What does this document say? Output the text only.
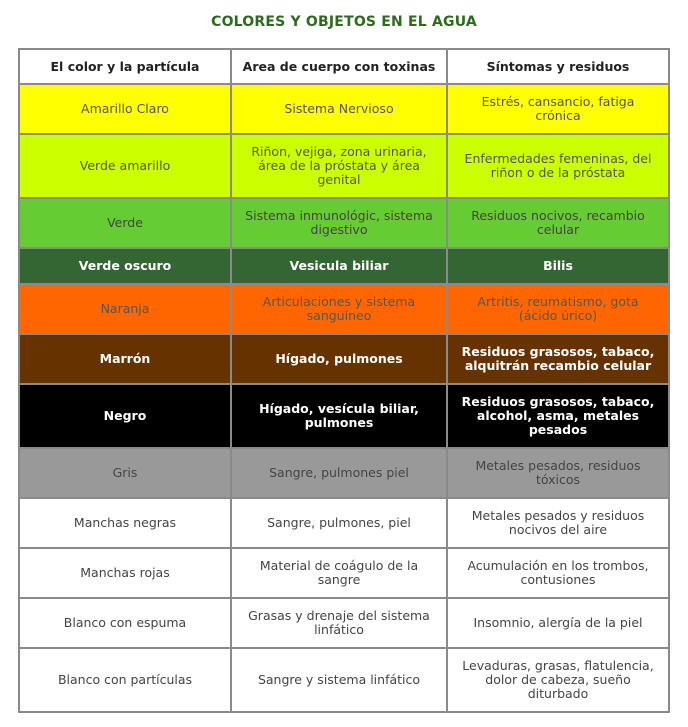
COLORES Y OBJETOS EN EL AGUA
El color y la partícula	Area de cuerpo con toxinas	Síntomas y residuos
Amarillo Claro	Sistema Nervioso	Estrés, cansancio, fatiga crónica
Verde amarillo	Riñon, vejiga, zona urinaria, área de la próstata y área genital	Enfermedades femeninas, del riñon o de la próstata
Verde	Sistema inmunológic, sistema digestivo	Residuos nocivos, recambio celular
Verde oscuro	Vesicula biliar	Bilis
Naranja	Articulaciones y sistema sanguíneo	Artritis, reumatismo, gota (ácido úrico)
Marrón	Hígado, pulmones	Residuos grasosos, tabaco, alquitrán recambio celular
Negro	Hígado, vesícula biliar, pulmones	Residuos grasosos, tabaco, alcohol, asma, metales pesados
Gris	Sangre, pulmones piel	Metales pesados, residuos tóxicos
Manchas negras	Sangre, pulmones, piel	Metales pesados y residuos nocivos del aire
Manchas rojas	Material de coágulo de la sangre	Acumulación en los trombos, contusiones
Blanco con espuma	Grasas y drenaje del sistema linfático	Insomnio, alergía de la piel
Blanco con partículas	Sangre y sistema linfático	Levaduras, grasas, flatulencia, dolor de cabeza, sueño diturbado
